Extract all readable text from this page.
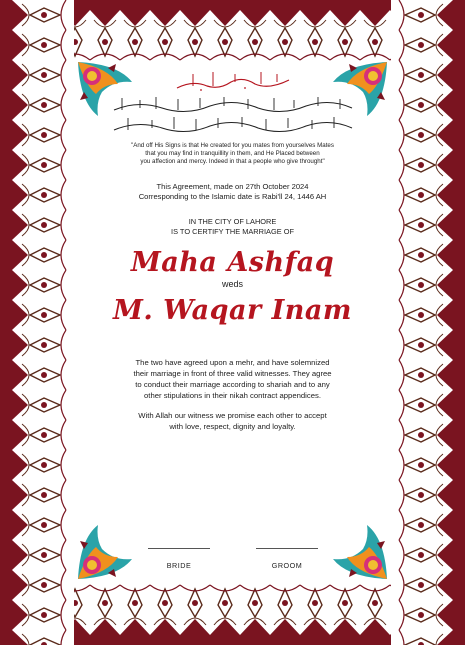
"And off His Signs is that He created for you mates from yourselves Mates
that you may find in tranquillity in them, and He Placed between
you affection and mercy. Indeed in that a people who give throught"
This Agreement, made on 27th October 2024
Corresponding to the Islamic date is Rabi'll 24, 1446 AH
IN THE CITY OF LAHORE
IS TO CERTIFY THE MARRIAGE OF
Maha Ashfaq
weds
M. Waqar Inam
The two have agreed upon a mehr, and have solemnized
their marriage in front of three valid witnesses. They agree
to conduct their marriage according to shariah and to any
other stipulations in their nikah contract appendices.
With Allah our witness we promise each other to accept
with love, respect, dignity and loyalty.
BRIDE	GROOM
